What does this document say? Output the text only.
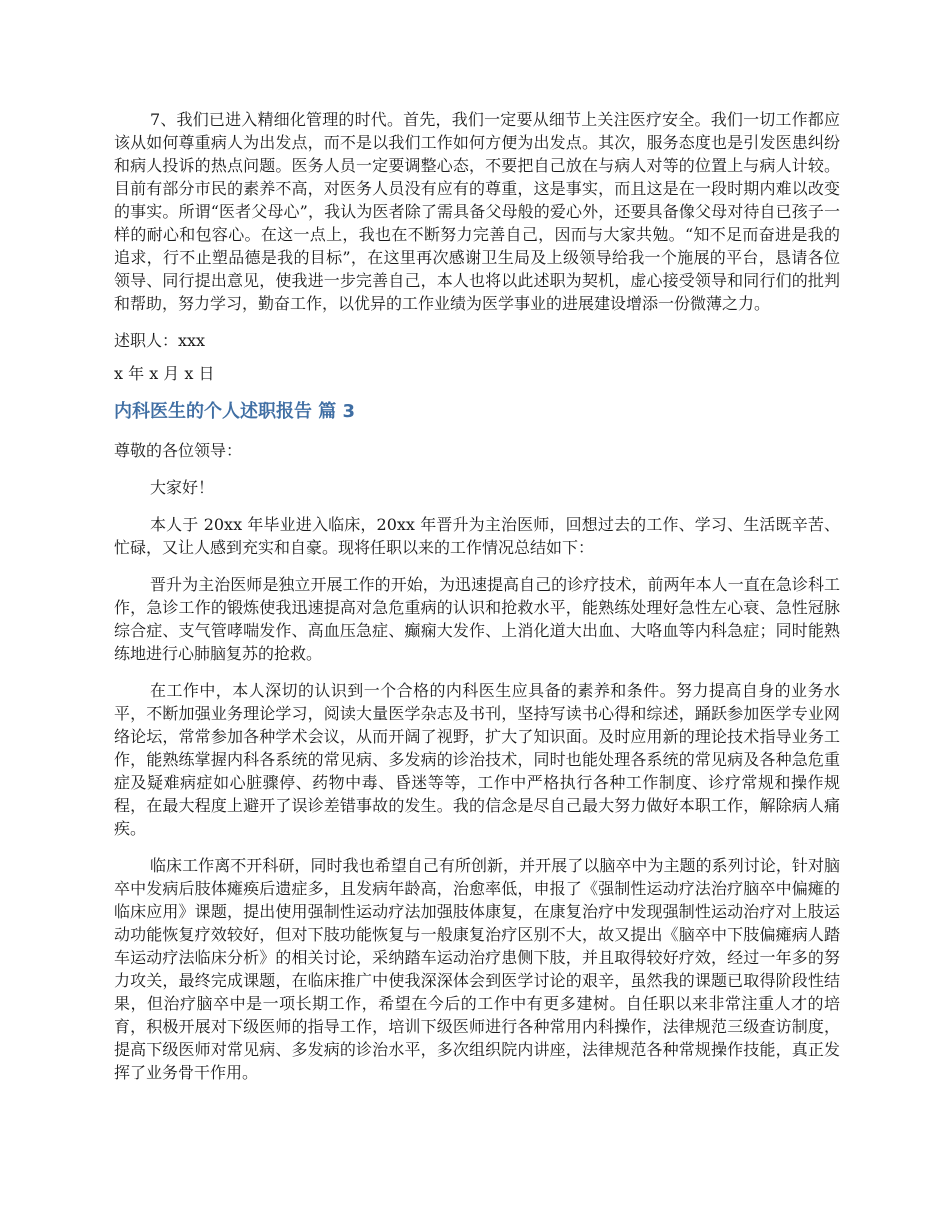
7、我们已进入精细化管理的时代。首先，我们一定要从细节上关注医疗安全。我们一切工作都应该从如何尊重病人为出发点，而不是以我们工作如何方便为出发点。其次，服务态度也是引发医患纠纷和病人投诉的热点问题。医务人员一定要调整心态，不要把自己放在与病人对等的位置上与病人计较。目前有部分市民的素养不高，对医务人员没有应有的尊重，这是事实，而且这是在一段时期内难以改变的事实。所谓“医者父母心”，我认为医者除了需具备父母般的爱心外，还要具备像父母对待自已孩子一样的耐心和包容心。在这一点上，我也在不断努力完善自己，因而与大家共勉。“知不足而奋进是我的追求，行不止塑品德是我的目标”，在这里再次感谢卫生局及上级领导给我一个施展的平台，恳请各位领导、同行提出意见，使我进一步完善自己，本人也将以此述职为契机，虚心接受领导和同行们的批判和帮助，努力学习，勤奋工作，以优异的工作业绩为医学事业的进展建设增添一份微薄之力。

述职人：xxx

x 年 x 月 x 日

内科医生的个人述职报告 篇 3

尊敬的各位领导：

大家好！

本人于 20xx 年毕业进入临床，20xx 年晋升为主治医师，回想过去的工作、学习、生活既辛苦、忙碌，又让人感到充实和自豪。现将任职以来的工作情况总结如下：

晋升为主治医师是独立开展工作的开始，为迅速提高自己的诊疗技术，前两年本人一直在急诊科工作，急诊工作的锻炼使我迅速提高对急危重病的认识和抢救水平，能熟练处理好急性左心衰、急性冠脉综合症、支气管哮喘发作、高血压急症、癫痫大发作、上消化道大出血、大咯血等内科急症；同时能熟练地进行心肺脑复苏的抢救。

在工作中，本人深切的认识到一个合格的内科医生应具备的素养和条件。努力提高自身的业务水平，不断加强业务理论学习，阅读大量医学杂志及书刊，坚持写读书心得和综述，踊跃参加医学专业网络论坛，常常参加各种学术会议，从而开阔了视野，扩大了知识面。及时应用新的理论技术指导业务工作，能熟练掌握内科各系统的常见病、多发病的诊治技术，同时也能处理各系统的常见病及各种急危重症及疑难病症如心脏骤停、药物中毒、昏迷等等，工作中严格执行各种工作制度、诊疗常规和操作规程，在最大程度上避开了误诊差错事故的发生。我的信念是尽自己最大努力做好本职工作，解除病人痛疾。

临床工作离不开科研，同时我也希望自己有所创新，并开展了以脑卒中为主题的系列讨论，针对脑卒中发病后肢体瘫痪后遗症多，且发病年龄高，治愈率低，申报了《强制性运动疗法治疗脑卒中偏瘫的临床应用》课题，提出使用强制性运动疗法加强肢体康复，在康复治疗中发现强制性运动治疗对上肢运动功能恢复疗效较好，但对下肢功能恢复与一般康复治疗区别不大，故又提出《脑卒中下肢偏瘫病人踏车运动疗法临床分析》的相关讨论，采纳踏车运动治疗患侧下肢，并且取得较好疗效，经过一年多的努力攻关，最终完成课题，在临床推广中使我深深体会到医学讨论的艰辛，虽然我的课题已取得阶段性结果，但治疗脑卒中是一项长期工作，希望在今后的工作中有更多建树。自任职以来非常注重人才的培育，积极开展对下级医师的指导工作，培训下级医师进行各种常用内科操作，法律规范三级查访制度，提高下级医师对常见病、多发病的诊治水平，多次组织院内讲座，法律规范各种常规操作技能，真正发挥了业务骨干作用。
